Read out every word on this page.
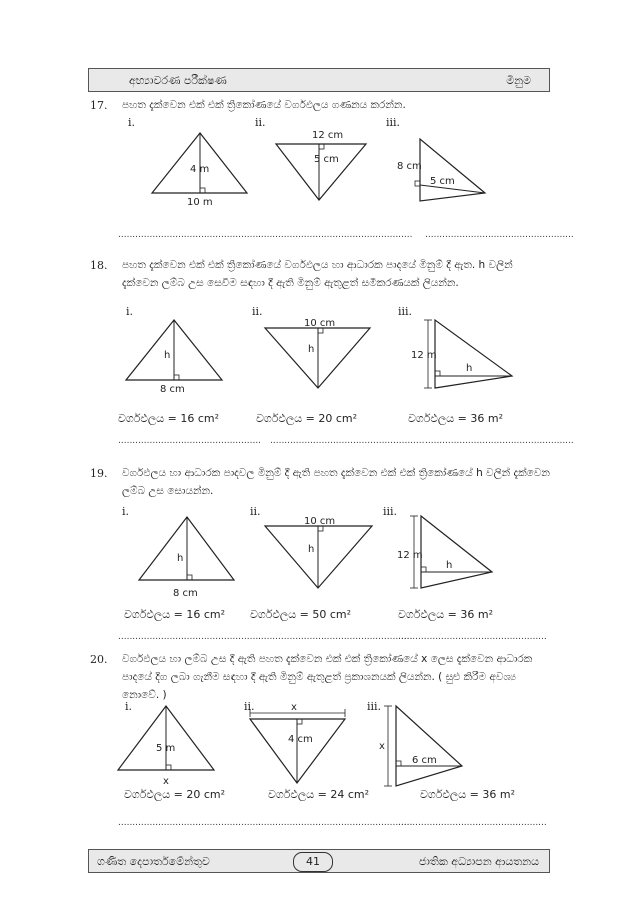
අභ්‍යාවරණ පරීක්ෂණ	මිනුම
17. පහත දැක්වෙන එක් එක් ත්‍රිකෝණයේ වර්ගඵලය ගණනය කරන්න.
i.	ii.	iii.
4 m
10 m
12 cm
5 cm
8 cm
5 cm
..................................................
...................................................... ....................................................
18. පහත දැක්වෙන එක් එක් ත්‍රිකෝණයේ වර්ගඵලය හා ආධාරක පාදයේ මිනුම් දී ඇත. h වලින් දැක්වෙන ලම්බ උස සෙවීම සඳහා දී ඇති මිනුම් ඇතුළත් සමීකරණයක් ලියන්න.
i.	ii.	iii.
h
8 cm
10 cm
h
12 m
h
වර්ගඵලය = 16 cm²	වර්ගඵලය = 20 cm²	වර්ගඵලය = 36 m²
.................................................. ...................................................... ....................................................
19. වර්ගඵලය හා ආධාරක පාදවල මිනුම් දී ඇති පහත දැක්වෙන එක් එක් ත්‍රිකෝණයේ h වලින් දැක්වෙන ලම්බ උස සොයන්න.
i.	ii.	iii.
h
8 cm
10 cm
h
12 m
h
වර්ගඵලය = 16 cm² වර්ගඵලය = 50 cm²	වර්ගඵලය = 36 m²
..................................................
......................................................
....................................................
20. වර්ගඵලය හා ලම්බ උස දී ඇති පහත දැක්වෙන එක් එක් ත්‍රිකෝණයේ x ලෙස දැක්වෙන ආධාරක පාදයේ දිග ලබා ගැනීම සඳහා දී ඇති මිනුම් ඇතුළත් ප්‍රකාශනයක් ලියන්න. ( සුළු කිරීම අවශ්‍ය නොවේ. )
i.	ii.	iii.
5 m
x
x
4 cm
x
6 cm
වර්ගඵලය = 20 cm²	වර්ගඵලය = 24 cm²	වර්ගඵලය = 36 m²
..................................................
......................................................
....................................................
ගණිත දෙපාර්තමේන්තුව	ජාතික අධ්‍යාපන ආයතනය
41
